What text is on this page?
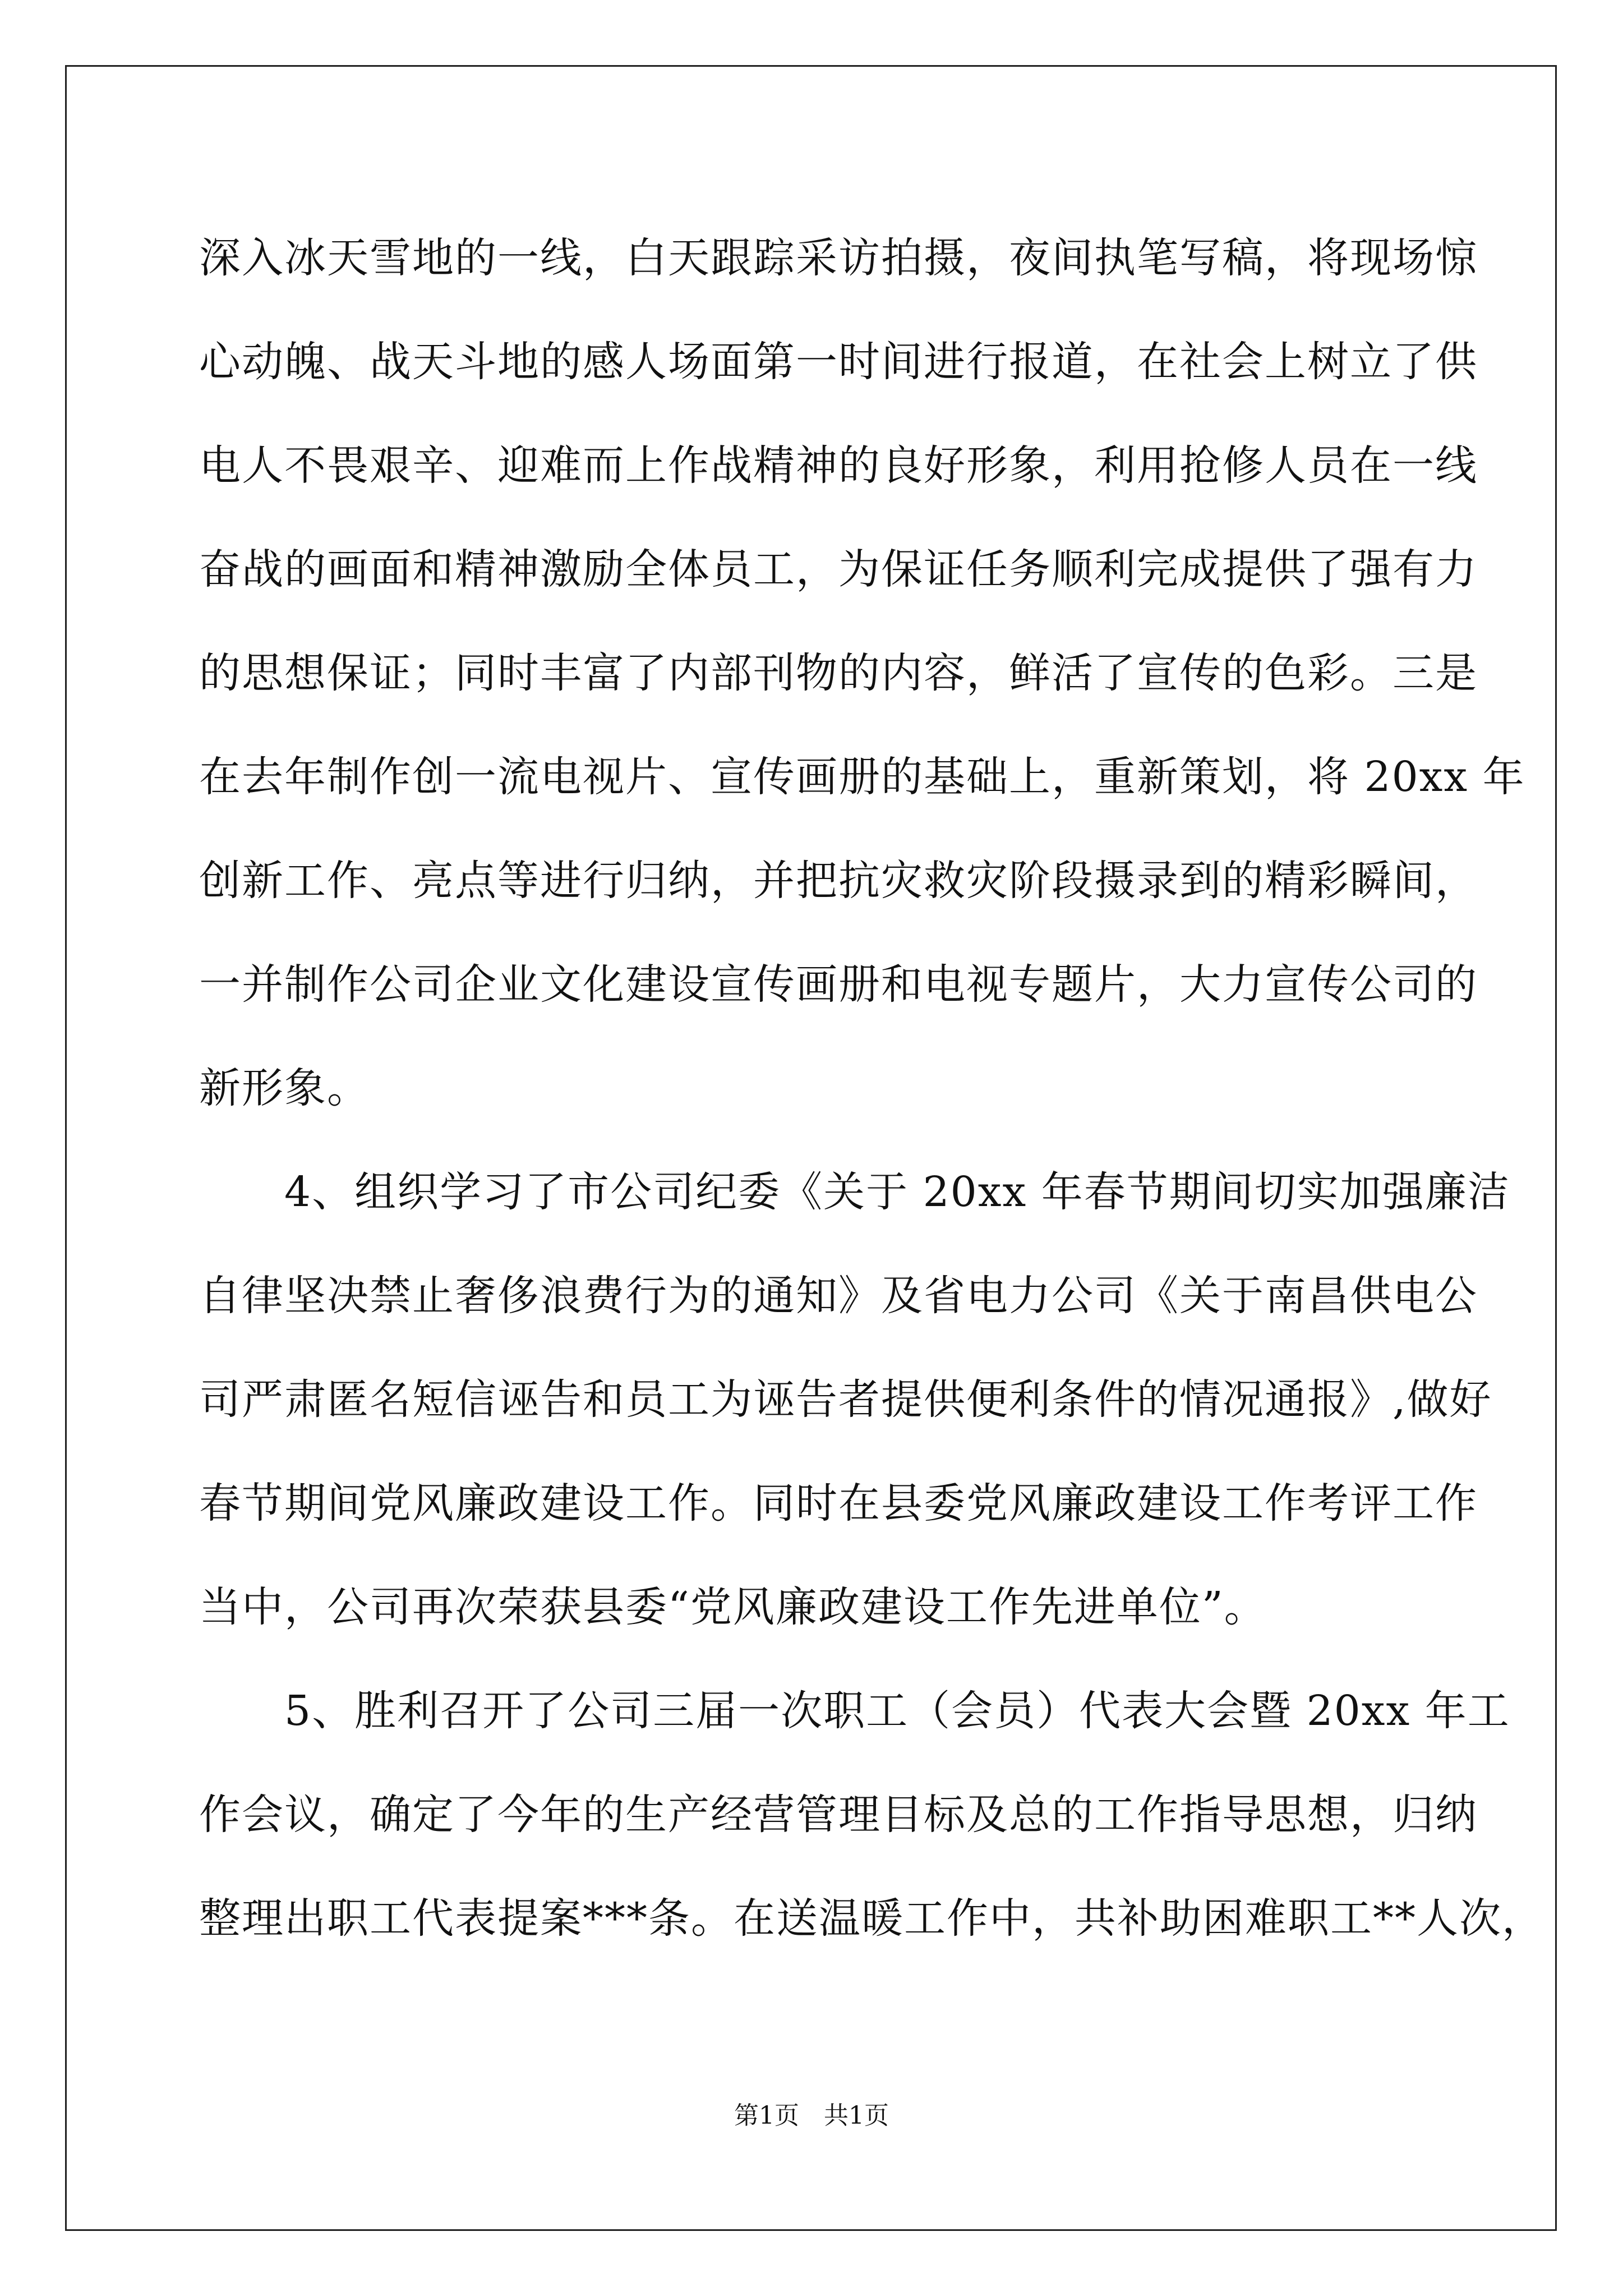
深入冰天雪地的一线，白天跟踪采访拍摄，夜间执笔写稿，将现场惊
心动魄、战天斗地的感人场面第一时间进行报道，在社会上树立了供
电人不畏艰辛、迎难而上作战精神的良好形象，利用抢修人员在一线
奋战的画面和精神激励全体员工，为保证任务顺利完成提供了强有力
的思想保证；同时丰富了内部刊物的内容，鲜活了宣传的色彩。三是
在去年制作创一流电视片、宣传画册的基础上，重新策划，将 20xx 年
创新工作、亮点等进行归纳，并把抗灾救灾阶段摄录到的精彩瞬间，
一并制作公司企业文化建设宣传画册和电视专题片，大力宣传公司的
新形象。
　　4、组织学习了市公司纪委《关于 20xx 年春节期间切实加强廉洁
自律坚决禁止奢侈浪费行为的通知》及省电力公司《关于南昌供电公
司严肃匿名短信诬告和员工为诬告者提供便利条件的情况通报》,做好
春节期间党风廉政建设工作。同时在县委党风廉政建设工作考评工作
当中，公司再次荣获县委“党风廉政建设工作先进单位”。
　　5、胜利召开了公司三届一次职工（会员）代表大会暨 20xx 年工
作会议，确定了今年的生产经营管理目标及总的工作指导思想，归纳
整理出职工代表提案***条。在送温暖工作中，共补助困难职工**人次，
第1页　共1页
